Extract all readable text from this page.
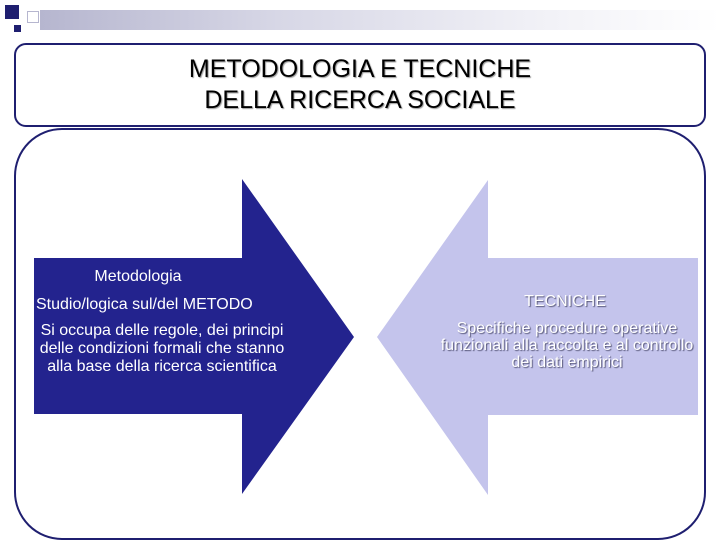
METODOLOGIA E TECNICHE
DELLA RICERCA SOCIALE
Metodologia
Studio/logica sul/del METODO
Si occupa delle regole, dei principi delle condizioni formali che stanno alla base della ricerca scientifica
TECNICHE
Specifiche procedure operative funzionali alla raccolta e al controllo dei dati empirici
